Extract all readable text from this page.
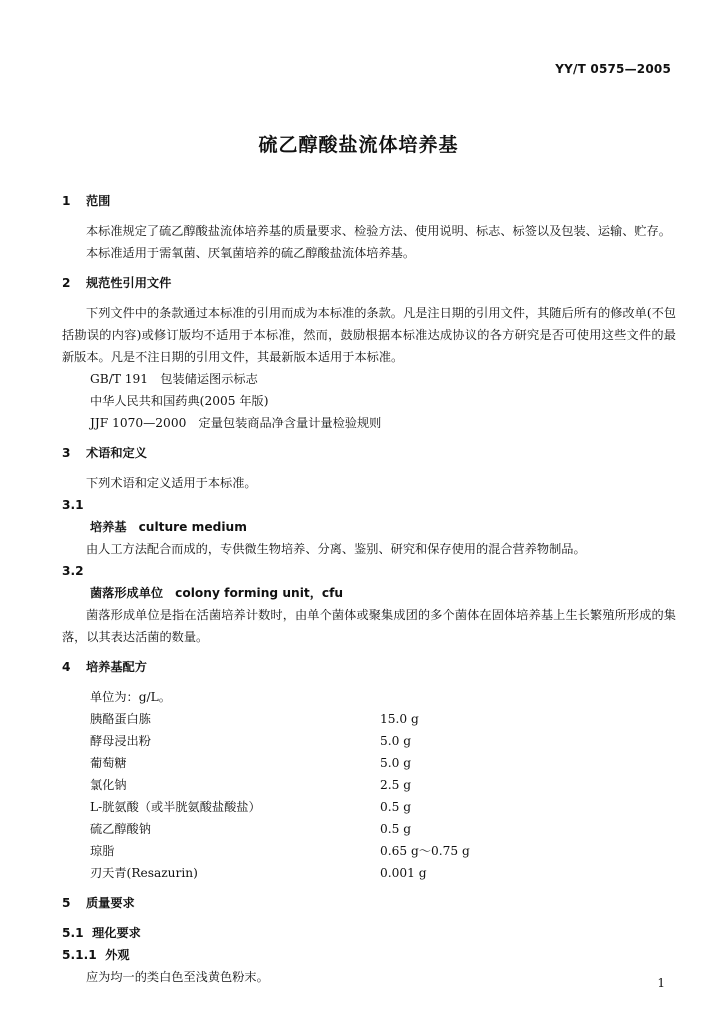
YY/T 0575—2005
硫乙醇酸盐流体培养基
1 范围

本标准规定了硫乙醇酸盐流体培养基的质量要求、检验方法、使用说明、标志、标签以及包装、运输、贮存。

本标准适用于需氧菌、厌氧菌培养的硫乙醇酸盐流体培养基。

2 规范性引用文件

下列文件中的条款通过本标准的引用而成为本标准的条款。凡是注日期的引用文件，其随后所有的修改单(不包括勘误的内容)或修订版均不适用于本标准，然而，鼓励根据本标准达成协议的各方研究是否可使用这些文件的最新版本。凡是不注日期的引用文件，其最新版本适用于本标准。

GB/T 191　包装储运图示标志

中华人民共和国药典(2005 年版)

JJF 1070—2000　定量包装商品净含量计量检验规则

3 术语和定义

下列术语和定义适用于本标准。

3.1
培养基 culture medium

由人工方法配合而成的，专供微生物培养、分离、鉴别、研究和保存使用的混合营养物制品。

3.2
菌落形成单位 colony forming unit，cfu

菌落形成单位是指在活菌培养计数时，由单个菌体或聚集成团的多个菌体在固体培养基上生长繁殖所形成的集落，以其表达活菌的数量。

4 培养基配方
单位为：g/L。
胰酪蛋白胨	15.0 g
酵母浸出粉	5.0 g
葡萄糖	5.0 g
氯化钠	2.5 g
L-胱氨酸（或半胱氨酸盐酸盐）	0.5 g
硫乙醇酸钠	0.5 g
琼脂	0.65 g～0.75 g
刃天青(Resazurin)	0.001 g
5 质量要求
5.1 理化要求
5.1.1 外观

应为均一的类白色至浅黄色粉末。	1
